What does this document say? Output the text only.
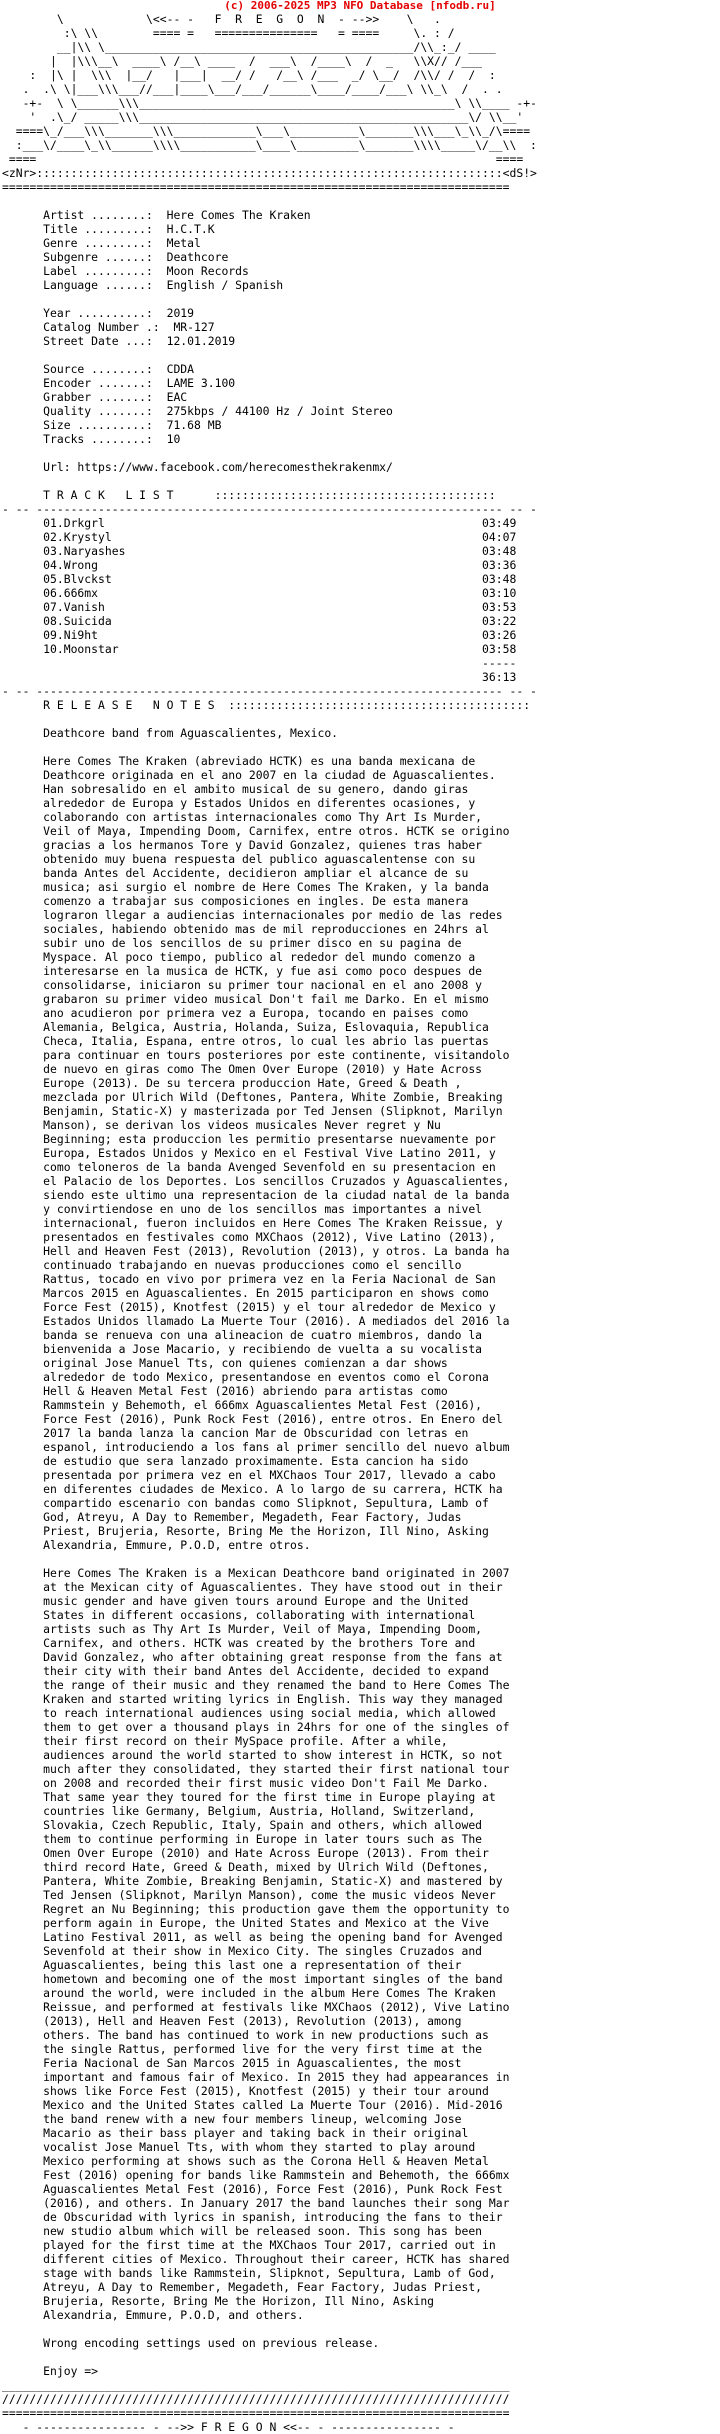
(c) 2006-2025 MP3 NFO Database [nfodb.ru]
\            \<<-- -   F  R  E  G  O  N  - -->>    \   .
:\ \\        ==== =   ===============   = ====     \. : /
__|\\ \_____________________________________________/\\_:_/ ____
|  |\\\__\  ____\ /__\ ____  /  ___\  /____\  /  _   \\X// /___
:  |\ |  \\\  |__/   |___|  __/ /   /__\ /___  _/ \__/  /\\/ /  /  :
.  .\ \|___\\\___//___|____\___/___/______\____/____/___\ \\_\  /  . .
-+-  \ \______\\\______________________________________________\ \\____ -+-
'  .\_/ _____\\\________________________________________________\/ \\__'
====\_/___\\\_______\\\____________\___\__________\_______\\\___\_\\_/\====
:___\/____\_\\______\\\\___________\____\_________\_______\\\\_____\/__\\  :
====                                                                   ====
<zNr>::::::::::::::::::::::::::::::::::::::::::::::::::::::::::::::::::::<dS!>
==========================================================================

Artist ........:  Here Comes The Kraken
Title .........:  H.C.T.K
Genre .........:  Metal
Subgenre ......:  Deathcore
Label .........:  Moon Records
Language ......:  English / Spanish

Year ..........:  2019
Catalog Number .:  MR-127
Street Date ...:  12.01.2019

Source ........:  CDDA
Encoder .......:  LAME 3.100
Grabber .......:  EAC
Quality .......:  275kbps / 44100 Hz / Joint Stereo
Size ..........:  71.68 MB
Tracks ........:  10

Url: https://www.facebook.com/herecomesthekrakenmx/

T R A C K   L I S T      :::::::::::::::::::::::::::::::::::::::::
- -- -------------------------------------------------------------------- -- -
01.Drkgrl                                                       03:49
02.Krystyl                                                      04:07
03.Naryashes                                                    03:48
04.Wrong                                                        03:36
05.Blvckst                                                      03:48
06.666mx                                                        03:10
07.Vanish                                                       03:53
08.Suicida                                                      03:22
09.Ni9ht                                                        03:26
10.Moonstar                                                     03:58
-----
36:13
- -- -------------------------------------------------------------------- -- -
R E L E A S E   N O T E S  ::::::::::::::::::::::::::::::::::::::::::::

Deathcore band from Aguascalientes, Mexico.

Here Comes The Kraken (abreviado HCTK) es una banda mexicana de
Deathcore originada en el ano 2007 en la ciudad de Aguascalientes.
Han sobresalido en el ambito musical de su genero, dando giras
alrededor de Europa y Estados Unidos en diferentes ocasiones, y
colaborando con artistas internacionales como Thy Art Is Murder,
Veil of Maya, Impending Doom, Carnifex, entre otros. HCTK se origino
gracias a los hermanos Tore y David Gonzalez, quienes tras haber
obtenido muy buena respuesta del publico aguascalentense con su
banda Antes del Accidente, decidieron ampliar el alcance de su
musica; asi surgio el nombre de Here Comes The Kraken, y la banda
comenzo a trabajar sus composiciones en ingles. De esta manera
lograron llegar a audiencias internacionales por medio de las redes
sociales, habiendo obtenido mas de mil reproducciones en 24hrs al
subir uno de los sencillos de su primer disco en su pagina de
Myspace. Al poco tiempo, publico al rededor del mundo comenzo a
interesarse en la musica de HCTK, y fue asi como poco despues de
consolidarse, iniciaron su primer tour nacional en el ano 2008 y
grabaron su primer video musical Don't fail me Darko. En el mismo
ano acudieron por primera vez a Europa, tocando en paises como
Alemania, Belgica, Austria, Holanda, Suiza, Eslovaquia, Republica
Checa, Italia, Espana, entre otros, lo cual les abrio las puertas
para continuar en tours posteriores por este continente, visitandolo
de nuevo en giras como The Omen Over Europe (2010) y Hate Across
Europe (2013). De su tercera produccion Hate, Greed & Death ,
mezclada por Ulrich Wild (Deftones, Pantera, White Zombie, Breaking
Benjamin, Static-X) y masterizada por Ted Jensen (Slipknot, Marilyn
Manson), se derivan los videos musicales Never regret y Nu
Beginning; esta produccion les permitio presentarse nuevamente por
Europa, Estados Unidos y Mexico en el Festival Vive Latino 2011, y
como teloneros de la banda Avenged Sevenfold en su presentacion en
el Palacio de los Deportes. Los sencillos Cruzados y Aguascalientes,
siendo este ultimo una representacion de la ciudad natal de la banda
y convirtiendose en uno de los sencillos mas importantes a nivel
internacional, fueron incluidos en Here Comes The Kraken Reissue, y
presentados en festivales como MXChaos (2012), Vive Latino (2013),
Hell and Heaven Fest (2013), Revolution (2013), y otros. La banda ha
continuado trabajando en nuevas producciones como el sencillo
Rattus, tocado en vivo por primera vez en la Feria Nacional de San
Marcos 2015 en Aguascalientes. En 2015 participaron en shows como
Force Fest (2015), Knotfest (2015) y el tour alrededor de Mexico y
Estados Unidos llamado La Muerte Tour (2016). A mediados del 2016 la
banda se renueva con una alineacion de cuatro miembros, dando la
bienvenida a Jose Macario, y recibiendo de vuelta a su vocalista
original Jose Manuel Tts, con quienes comienzan a dar shows
alrededor de todo Mexico, presentandose en eventos como el Corona
Hell & Heaven Metal Fest (2016) abriendo para artistas como
Rammstein y Behemoth, el 666mx Aguascalientes Metal Fest (2016),
Force Fest (2016), Punk Rock Fest (2016), entre otros. En Enero del
2017 la banda lanza la cancion Mar de Obscuridad con letras en
espanol, introduciendo a los fans al primer sencillo del nuevo album
de estudio que sera lanzado proximamente. Esta cancion ha sido
presentada por primera vez en el MXChaos Tour 2017, llevado a cabo
en diferentes ciudades de Mexico. A lo largo de su carrera, HCTK ha
compartido escenario con bandas como Slipknot, Sepultura, Lamb of
God, Atreyu, A Day to Remember, Megadeth, Fear Factory, Judas
Priest, Brujeria, Resorte, Bring Me the Horizon, Ill Nino, Asking
Alexandria, Emmure, P.O.D, entre otros.

Here Comes The Kraken is a Mexican Deathcore band originated in 2007
at the Mexican city of Aguascalientes. They have stood out in their
music gender and have given tours around Europe and the United
States in different occasions, collaborating with international
artists such as Thy Art Is Murder, Veil of Maya, Impending Doom,
Carnifex, and others. HCTK was created by the brothers Tore and
David Gonzalez, who after obtaining great response from the fans at
their city with their band Antes del Accidente, decided to expand
the range of their music and they renamed the band to Here Comes The
Kraken and started writing lyrics in English. This way they managed
to reach international audiences using social media, which allowed
them to get over a thousand plays in 24hrs for one of the singles of
their first record on their MySpace profile. After a while,
audiences around the world started to show interest in HCTK, so not
much after they consolidated, they started their first national tour
on 2008 and recorded their first music video Don't Fail Me Darko.
That same year they toured for the first time in Europe playing at
countries like Germany, Belgium, Austria, Holland, Switzerland,
Slovakia, Czech Republic, Italy, Spain and others, which allowed
them to continue performing in Europe in later tours such as The
Omen Over Europe (2010) and Hate Across Europe (2013). From their
third record Hate, Greed & Death, mixed by Ulrich Wild (Deftones,
Pantera, White Zombie, Breaking Benjamin, Static-X) and mastered by
Ted Jensen (Slipknot, Marilyn Manson), come the music videos Never
Regret an Nu Beginning; this production gave them the opportunity to
perform again in Europe, the United States and Mexico at the Vive
Latino Festival 2011, as well as being the opening band for Avenged
Sevenfold at their show in Mexico City. The singles Cruzados and
Aguascalientes, being this last one a representation of their
hometown and becoming one of the most important singles of the band
around the world, were included in the album Here Comes The Kraken
Reissue, and performed at festivals like MXChaos (2012), Vive Latino
(2013), Hell and Heaven Fest (2013), Revolution (2013), among
others. The band has continued to work in new productions such as
the single Rattus, performed live for the very first time at the
Feria Nacional de San Marcos 2015 in Aguascalientes, the most
important and famous fair of Mexico. In 2015 they had appearances in
shows like Force Fest (2015), Knotfest (2015) y their tour around
Mexico and the United States called La Muerte Tour (2016). Mid-2016
the band renew with a new four members lineup, welcoming Jose
Macario as their bass player and taking back in their original
vocalist Jose Manuel Tts, with whom they started to play around
Mexico performing at shows such as the Corona Hell & Heaven Metal
Fest (2016) opening for bands like Rammstein and Behemoth, the 666mx
Aguascalientes Metal Fest (2016), Force Fest (2016), Punk Rock Fest
(2016), and others. In January 2017 the band launches their song Mar
de Obscuridad with lyrics in spanish, introducing the fans to their
new studio album which will be released soon. This song has been
played for the first time at the MXChaos Tour 2017, carried out in
different cities of Mexico. Throughout their career, HCTK has shared
stage with bands like Rammstein, Slipknot, Sepultura, Lamb of God,
Atreyu, A Day to Remember, Megadeth, Fear Factory, Judas Priest,
Brujeria, Resorte, Bring Me the Horizon, Ill Nino, Asking
Alexandria, Emmure, P.O.D, and others.

Wrong encoding settings used on previous release.

Enjoy =>
__________________________________________________________________________
//////////////////////////////////////////////////////////////////////////
==========================================================================
- ---------------- - -->> F R E G O N <<-- - ---------------- -
